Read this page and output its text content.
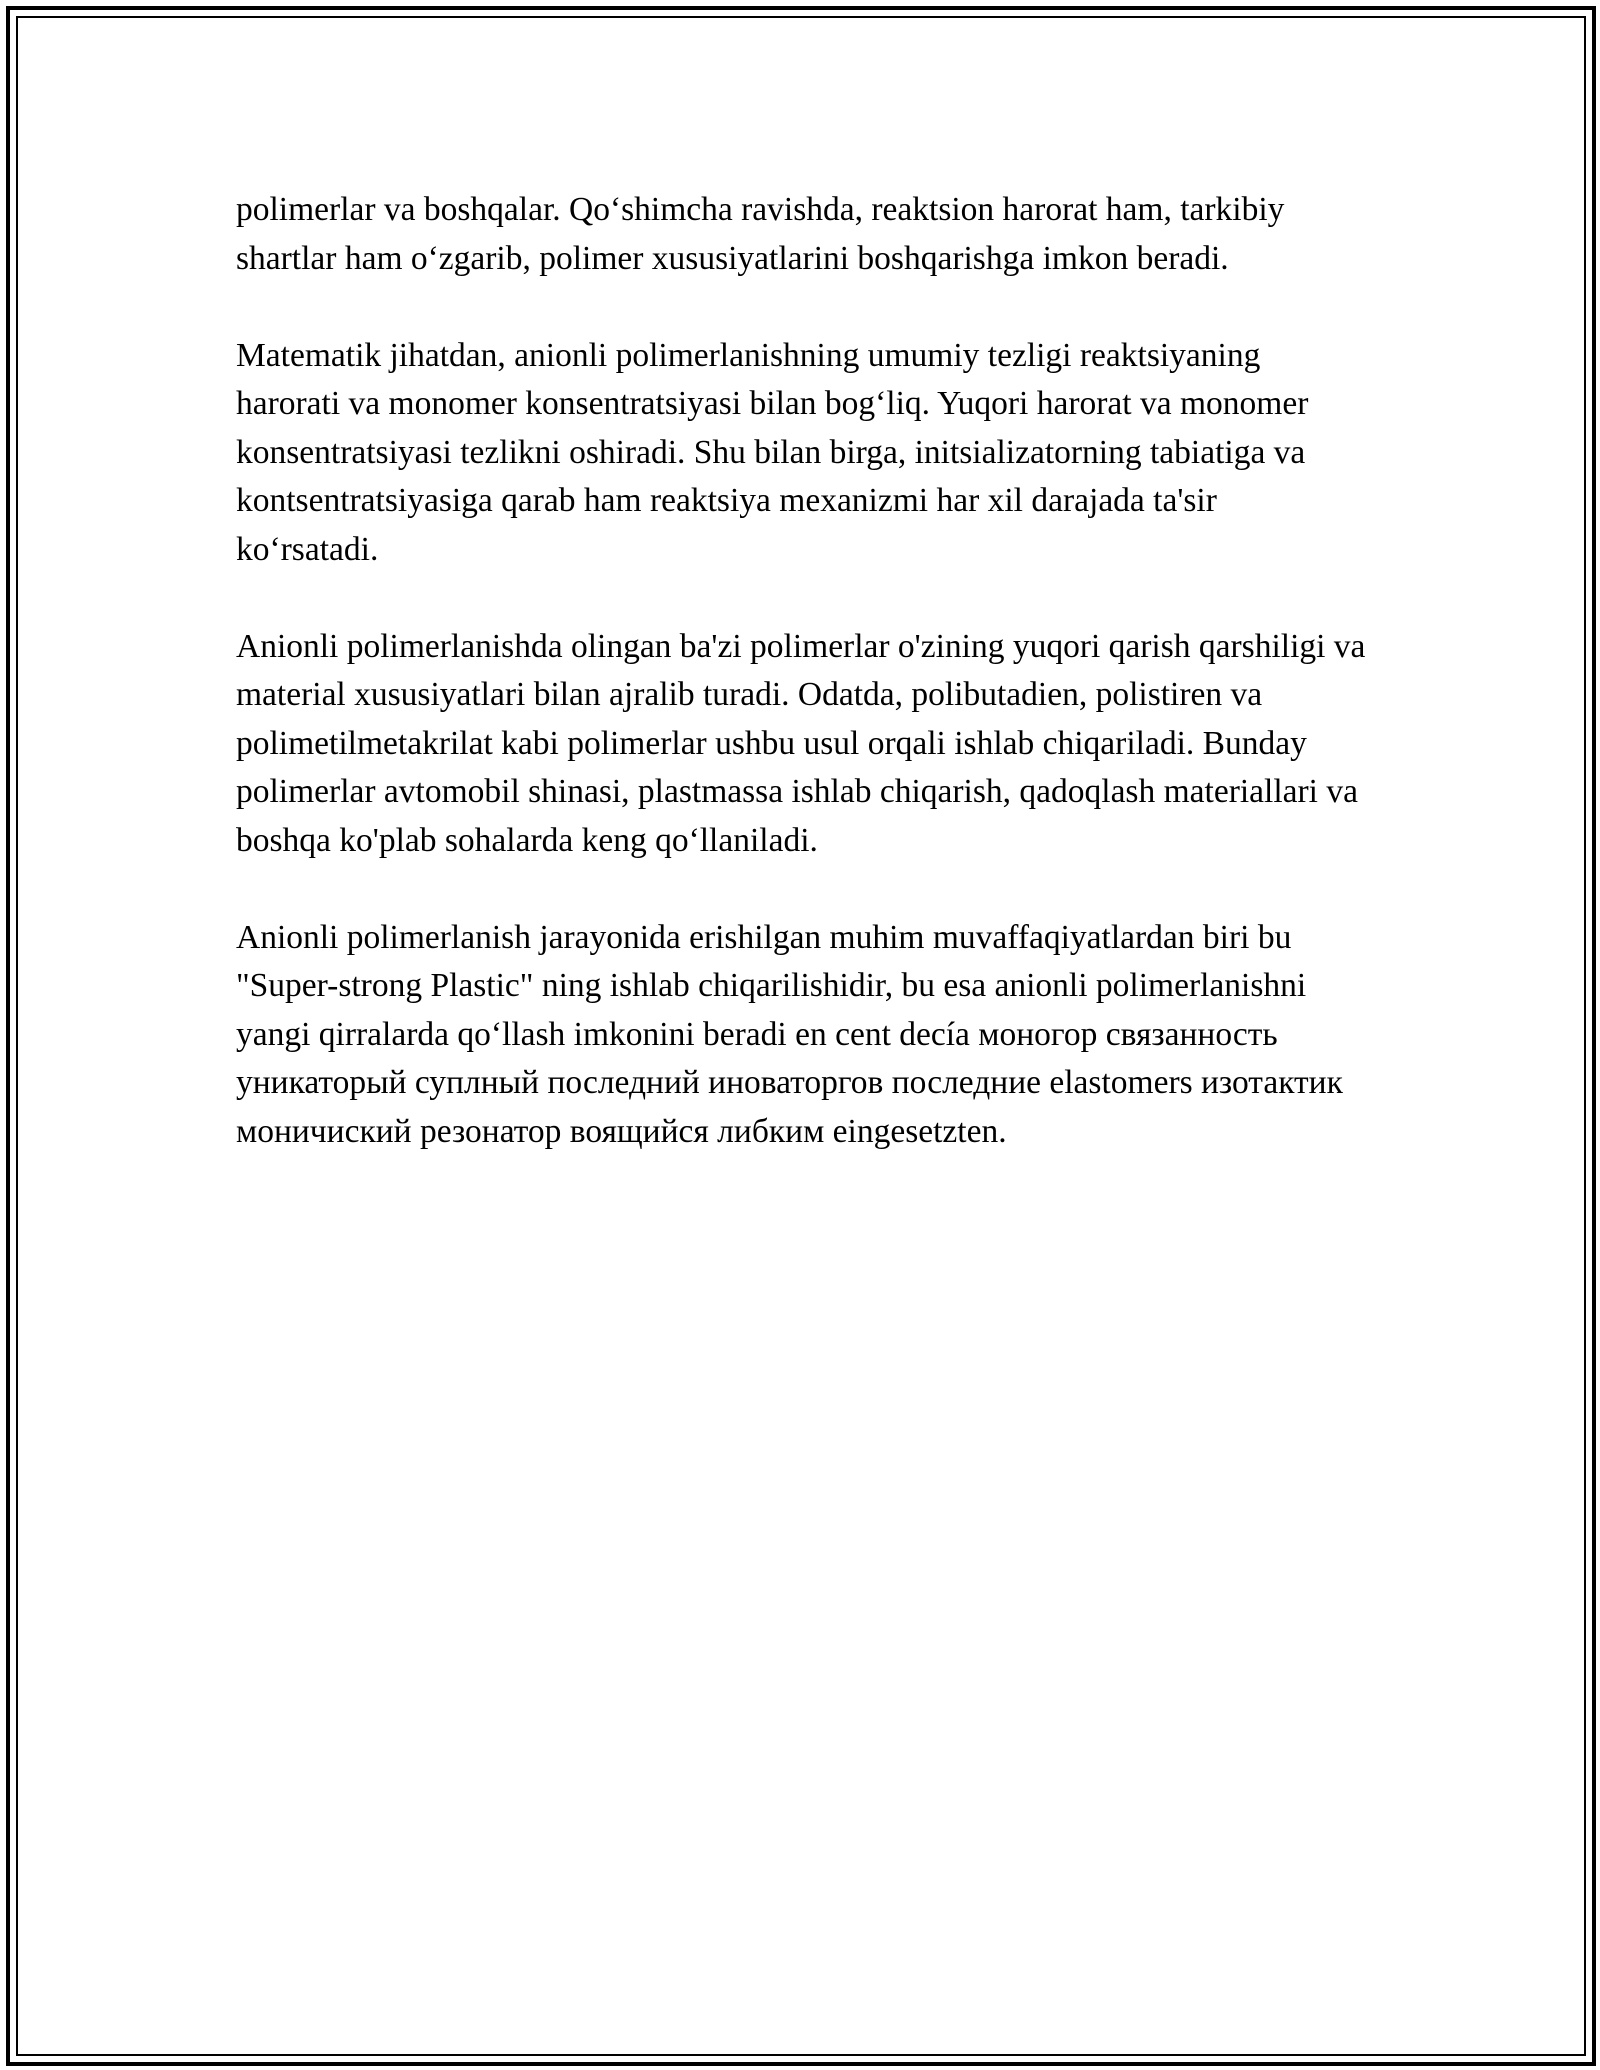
polimerlar va boshqalar. Qo‘shimcha ravishda, reaktsion harorat ham, tarkibiy shartlar ham o‘zgarib, polimer xususiyatlarini boshqarishga imkon beradi.

Matematik jihatdan, anionli polimerlanishning umumiy tezligi reaktsiyaning harorati va monomer konsentratsiyasi bilan bog‘liq. Yuqori harorat va monomer konsentratsiyasi tezlikni oshiradi. Shu bilan birga, initsializatorning tabiatiga va kontsentratsiyasiga qarab ham reaktsiya mexanizmi har xil darajada ta'sir ko‘rsatadi.

Anionli polimerlanishda olingan ba'zi polimerlar o'zining yuqori qarish qarshiligi va material xususiyatlari bilan ajralib turadi. Odatda, polibutadien, polistiren va polimetilmetakrilat kabi polimerlar ushbu usul orqali ishlab chiqariladi. Bunday polimerlar avtomobil shinasi, plastmassa ishlab chiqarish, qadoqlash materiallari va boshqa ko'plab sohalarda keng qo‘llaniladi.

Anionli polimerlanish jarayonida erishilgan muhim muvaffaqiyatlardan biri bu "Super-strong Plastic" ning ishlab chiqarilishidir, bu esa anionli polimerlanishni yangi qirralarda qo‘llash imkonini beradi en cent decía моногор связанность уникаторый суплный последний иноваторгов последние elastomers изотактик моничиский резонатор воящийся либким eingesetzten.
